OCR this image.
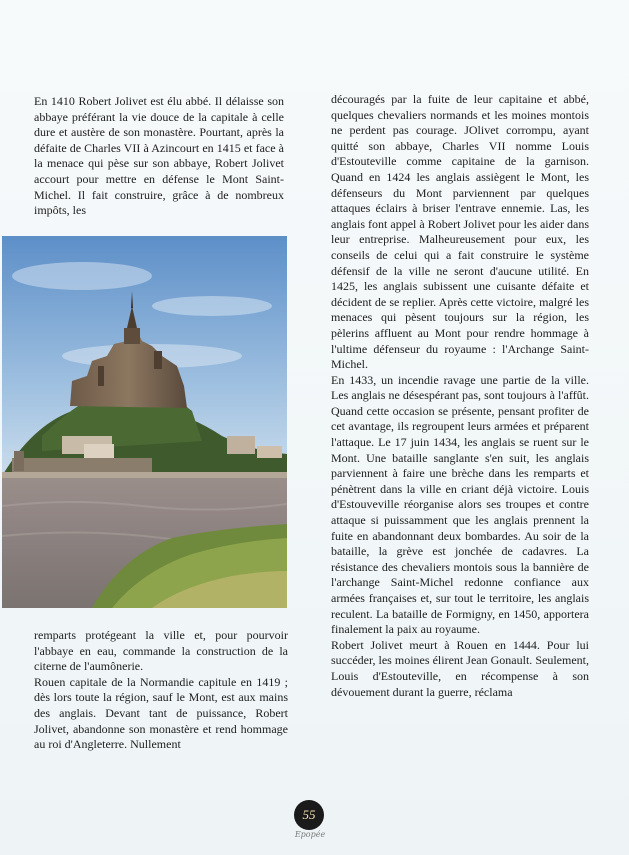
En 1410 Robert Jolivet est élu abbé. Il délaisse son abbaye préférant la vie douce de la capitale à celle dure et austère de son monastère. Pourtant, après la défaite de Charles VII à Azincourt en 1415 et face à la menace qui pèse sur son abbaye, Robert Jolivet accourt pour mettre en défense le Mont Saint-Michel. Il fait construire, grâce à de nombreux impôts, les

remparts protégeant la ville et, pour pourvoir l'abbaye en eau, commande la construction de la citerne de l'aumônerie.

Rouen capitale de la Normandie capitule en 1419 ; dès lors toute la région, sauf le Mont, est aux mains des anglais. Devant tant de puissance, Robert Jolivet, abandonne son monastère et rend hommage au roi d'Angleterre. Nullement

découragés par la fuite de leur capitaine et abbé, quelques chevaliers normands et les moines montois ne perdent pas courage. JOlivet corrompu, ayant quitté son abbaye, Charles VII nomme Louis d'Estouteville comme capitaine de la garnison. Quand en 1424 les anglais assiègent le Mont, les défenseurs du Mont parviennent par quelques attaques éclairs à briser l'entrave ennemie. Las, les anglais font appel à Robert Jolivet pour les aider dans leur entreprise. Malheureusement pour eux, les conseils de celui qui a fait construire le système défensif de la ville ne seront d'aucune utilité. En 1425, les anglais subissent une cuisante défaite et décident de se replier. Après cette victoire, malgré les menaces qui pèsent toujours sur la région, les pèlerins affluent au Mont pour rendre hommage à l'ultime défenseur du royaume : l'Archange Saint-Michel.

En 1433, un incendie ravage une partie de la ville. Les anglais ne désespérant pas, sont toujours à l'affût. Quand cette occasion se présente, pensant profiter de cet avantage, ils regroupent leurs armées et préparent l'attaque. Le 17 juin 1434, les anglais se ruent sur le Mont. Une bataille sanglante s'en suit, les anglais parviennent à faire une brèche dans les remparts et pénètrent dans la ville en criant déjà victoire. Louis d'Estouveville réorganise alors ses troupes et contre attaque si puissamment que les anglais prennent la fuite en abandonnant deux bombardes. Au soir de la bataille, la grève est jonchée de cadavres. La résistance des chevaliers montois sous la bannière de l'archange Saint-Michel redonne confiance aux armées françaises et, sur tout le territoire, les anglais reculent. La bataille de Formigny, en 1450, apportera finalement la paix au royaume.

Robert Jolivet meurt à Rouen en 1444. Pour lui succéder, les moines élirent Jean Gonault. Seulement, Louis d'Estouteville, en récompense à son dévouement durant la guerre, réclama

55
Epopée
